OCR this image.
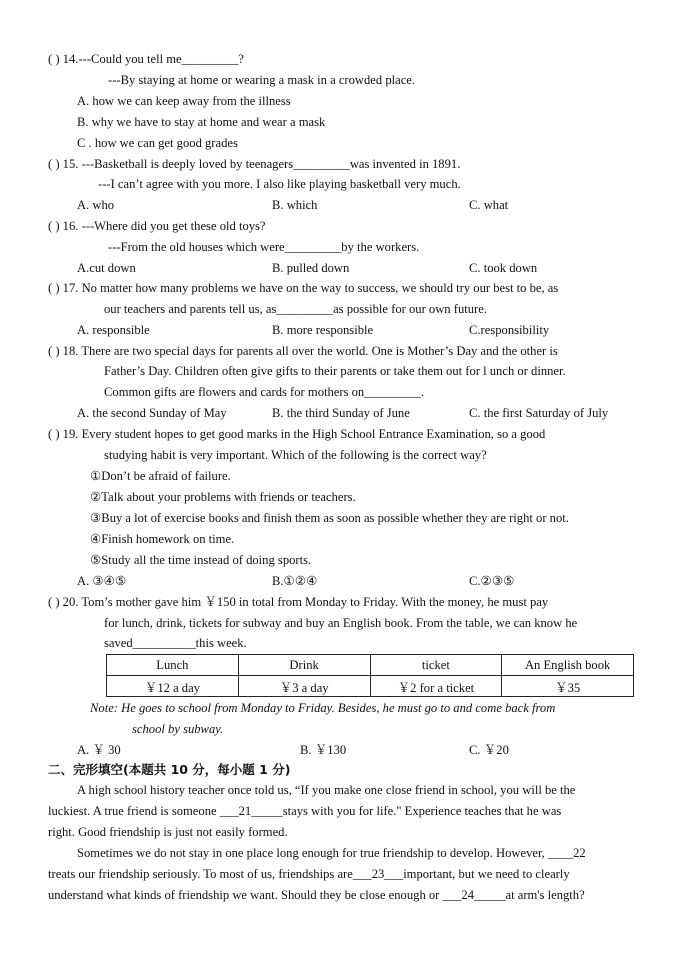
( ) 14.---Could you tell me_________?
---By staying at home or wearing a mask in a crowded place.
A. how we can keep away from the illness
B. why we have to stay at home and wear a mask
C . how we can get good grades
( ) 15. ---Basketball is deeply loved by teenagers_________was invented in 1891.
---I can’t agree with you more. I also like playing basketball very much.
A. who	B. which	C. what
( ) 16. ---Where did you get these old toys?
---From the old houses which were_________by the workers.
A.cut down	B. pulled down	C. took down
( ) 17. No matter how many problems we have on the way to success, we should try our best to be, as
our teachers and parents tell us, as_________as possible for our own future.
A. responsible	B. more responsible	C.responsibility
( ) 18. There are two special days for parents all over the world. One is Mother’s Day and the other is
Father’s Day. Children often give gifts to their parents or take them out for l unch or dinner.
Common gifts are flowers and cards for mothers on_________.
A. the second Sunday of May	B. the third Sunday of June	C. the first Saturday of July
( ) 19. Every student hopes to get good marks in the High School Entrance Examination, so a good
studying habit is very important. Which of the following is the correct way?
①Don’t be afraid of failure.
②Talk about your problems with friends or teachers.
③Buy a lot of exercise books and finish them as soon as possible whether they are right or not.
④Finish homework on time.
⑤Study all the time instead of doing sports.
A. ③④⑤	B.①②④	C.②③⑤
( ) 20. Tom’s mother gave him ￥150 in total from Monday to Friday. With the money, he must pay
for lunch, drink, tickets for subway and buy an English book. From the table, we can know he
saved__________this week.
Lunch	Drink	ticket	An English book
￥12 a day	￥3 a day	￥2 for a ticket	￥35
Note: He goes to school from Monday to Friday. Besides, he must go to and come back from
school by subway.
A. ￥ 30	B. ￥130	C. ￥20
二、完形填空(本题共 10 分，每小题 1 分)
A high school history teacher once told us, “If you make one close friend in school, you will be the
luckiest. A true friend is someone ___21_____stays with you for life." Experience teaches that he was
right. Good friendship is just not easily formed.
Sometimes we do not stay in one place long enough for true friendship to develop. However, ____22
treats our friendship seriously. To most of us, friendships are___23___important, but we need to clearly
understand what kinds of friendship we want. Should they be close enough or ___24_____at arm's length?
